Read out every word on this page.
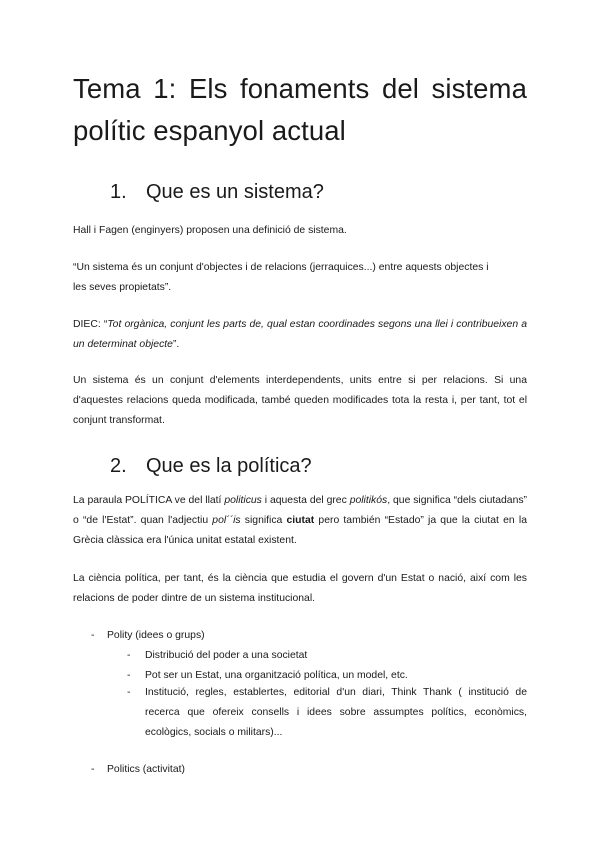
Tema 1: Els fonaments del sistema
polític espanyol actual
1. Que es un sistema?

Hall i Fagen (enginyers) proposen una definició de sistema.

“Un sistema és un conjunt d'objectes i de relacions (jerraquices...) entre aquests objectes i
les seves propietats”.

DIEC: “Tot orgànica, conjunt les parts de, qual estan coordinades segons una llei i contribueixen a un determinat objecte”.

Un sistema és un conjunt d'elements interdependents, units entre si per relacions. Si una d'aquestes relacions queda modificada, també queden modificades tota la resta i, per tant, tot el conjunt transformat.

2. Que es la política?

La paraula POLÍTICA ve del llatí politicus i aquesta del grec politikós, que significa “dels ciutadans” o “de l'Estat”. quan l'adjectiu pol´´is significa ciutat pero también “Estado” ja que la ciutat en la Grècia clàssica era l'única unitat estatal existent.

La ciència política, per tant, és la ciència que estudia el govern d'un Estat o nació, així com les relacions de poder dintre de un sistema institucional.

- Polity (idees o grups)

- Distribució del poder a una societat

- Pot ser un Estat, una organització política, un model, etc.

- Institució, regles, establertes, editorial d'un diari, Think Thank ( institució de recerca que ofereix consells i idees sobre assumptes polítics, econòmics, ecològics, socials o militars)...

- Politics (activitat)
